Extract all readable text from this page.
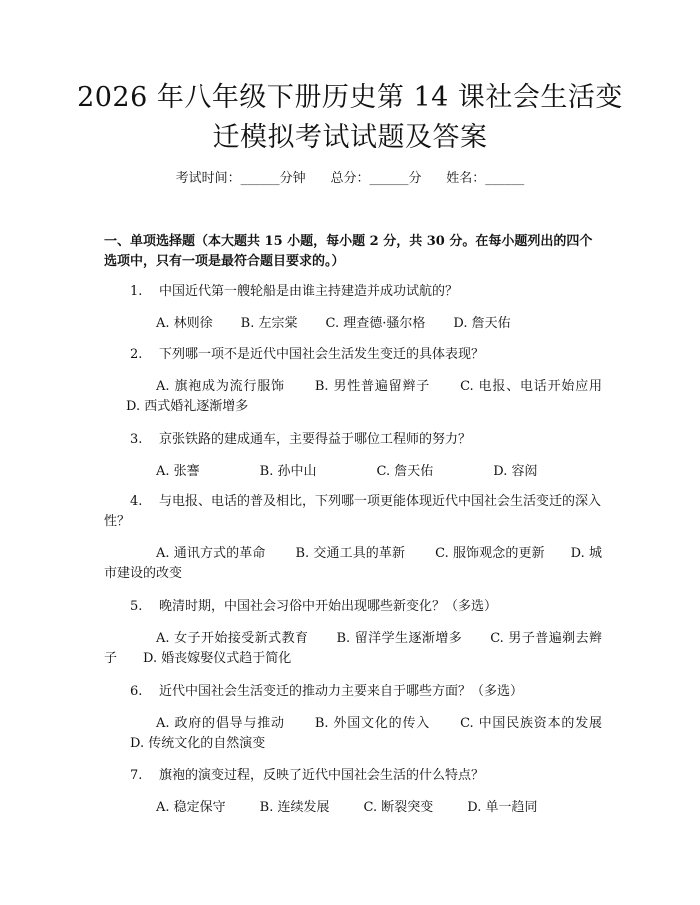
2026 年八年级下册历史第 14 课社会生活变
迁模拟考试试题及答案
考试时间：______分钟 总分：______分 姓名：______
一、单项选择题（本大题共 15 小题，每小题 2 分，共 30 分。在每小题列出的四个选项中，只有一项是最符合题目要求的。）
1. 中国近代第一艘轮船是由谁主持建造并成功试航的？
A. 林则徐 B. 左宗棠 C. 理查德·骚尔格 D. 詹天佑
2. 下列哪一项不是近代中国社会生活发生变迁的具体表现？
A. 旗袍成为流行服饰 B. 男性普遍留辫子 C. 电报、电话开始应用D. 西式婚礼逐渐增多
3. 京张铁路的建成通车，主要得益于哪位工程师的努力？
A. 张謇	B. 孙中山	C. 詹天佑	D. 容闳
4. 与电报、电话的普及相比，下列哪一项更能体现近代中国社会生活变迁的深入性？
A. 通讯方式的革命 B. 交通工具的革新 C. 服饰观念的更新 D. 城市建设的改变
5. 晚清时期，中国社会习俗中开始出现哪些新变化？（多选）
A. 女子开始接受新式教育 B. 留洋学生逐渐增多 C. 男子普遍剃去辫子 D. 婚丧嫁娶仪式趋于简化
6. 近代中国社会生活变迁的推动力主要来自于哪些方面？（多选）
A. 政府的倡导与推动 B. 外国文化的传入 C. 中国民族资本的发展D. 传统文化的自然演变
7. 旗袍的演变过程，反映了近代中国社会生活的什么特点？
A. 稳定保守	B. 连续发展	C. 断裂突变	D. 单一趋同
